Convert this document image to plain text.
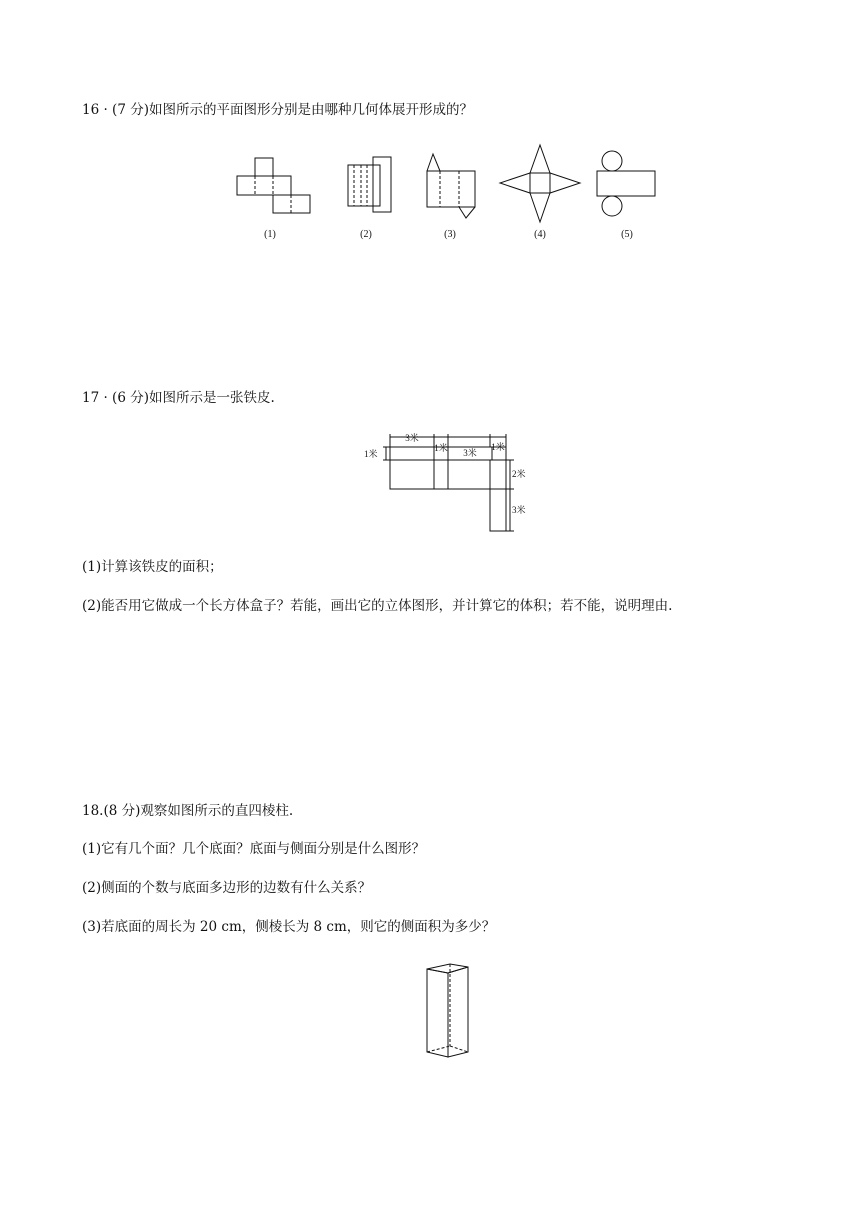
16 · (7 分)如图所示的平面图形分别是由哪种几何体展开形成的？
(1)	(2)	(3)	(4)	(5)
17 · (6 分)如图所示是一张铁皮.
3米
1米
1米 3米
1米
2米
3米
(1)计算该铁皮的面积；
(2)能否用它做成一个长方体盒子？若能，画出它的立体图形，并计算它的体积；若不能，说明理由.
18.(8 分)观察如图所示的直四棱柱.
(1)它有几个面？几个底面？底面与侧面分别是什么图形？
(2)侧面的个数与底面多边形的边数有什么关系？
(3)若底面的周长为 20 cm，侧棱长为 8 cm，则它的侧面积为多少？
